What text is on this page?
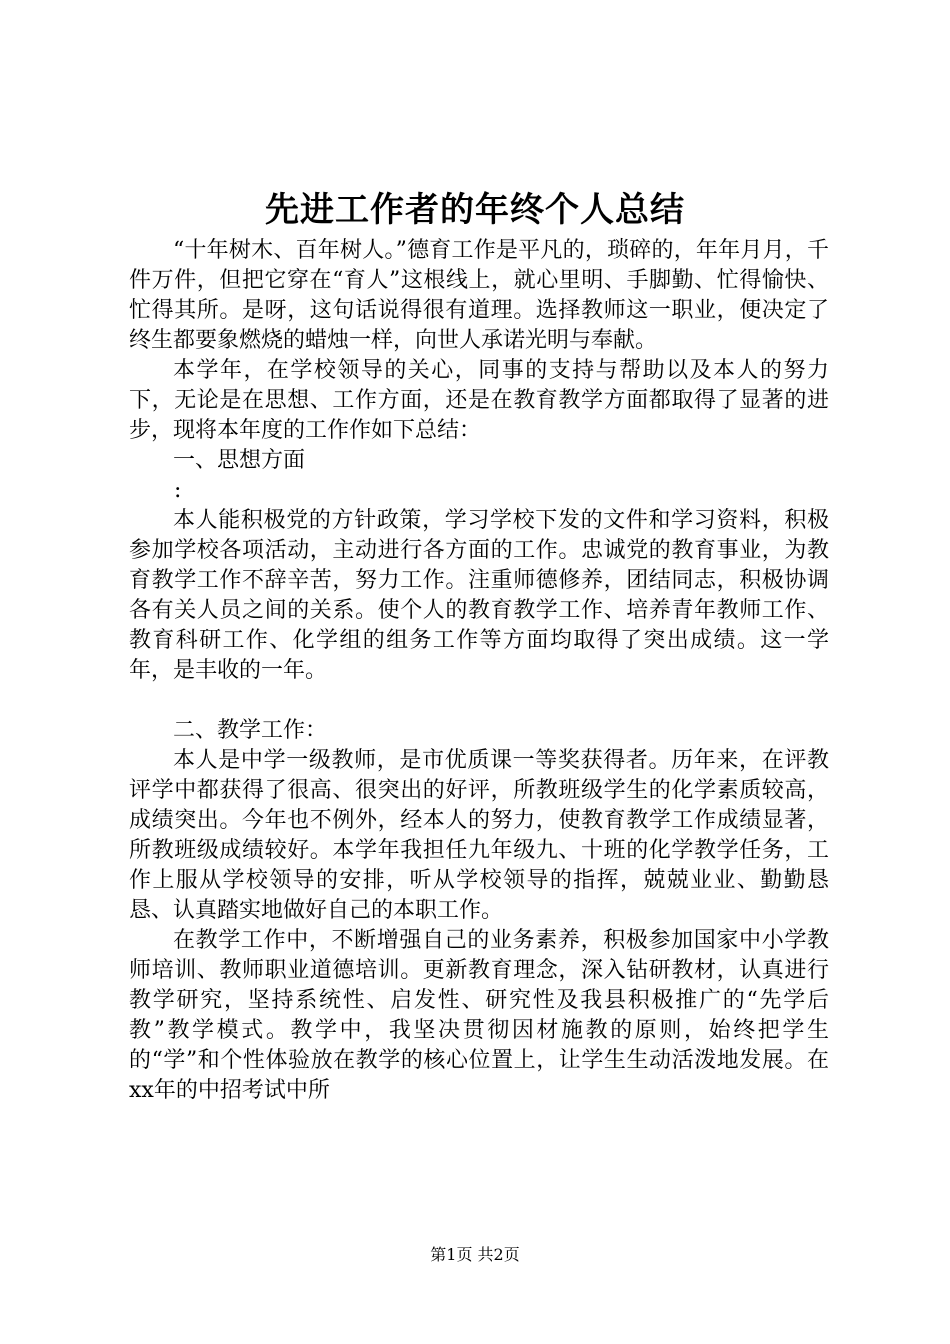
先进工作者的年终个人总结

“十年树木、百年树人。”德育工作是平凡的，琐碎的，年年月月，千件万件，但把它穿在“育人”这根线上，就心里明、手脚勤、忙得愉快、忙得其所。是呀，这句话说得很有道理。选择教师这一职业，便决定了终生都要象燃烧的蜡烛一样，向世人承诺光明与奉献。

本学年，在学校领导的关心，同事的支持与帮助以及本人的努力下，无论是在思想、工作方面，还是在教育教学方面都取得了显著的进步，现将本年度的工作作如下总结：

一、思想方面

:

本人能积极党的方针政策，学习学校下发的文件和学习资料，积极参加学校各项活动，主动进行各方面的工作。忠诚党的教育事业，为教育教学工作不辞辛苦，努力工作。注重师德修养，团结同志，积极协调各有关人员之间的关系。使个人的教育教学工作、培养青年教师工作、教育科研工作、化学组的组务工作等方面均取得了突出成绩。这一学年，是丰收的一年。

二、教学工作：

本人是中学一级教师，是市优质课一等奖获得者。历年来，在评教评学中都获得了很高、很突出的好评，所教班级学生的化学素质较高，成绩突出。今年也不例外，经本人的努力，使教育教学工作成绩显著，所教班级成绩较好。本学年我担任九年级九、十班的化学教学任务，工作上服从学校领导的安排，听从学校领导的指挥，兢兢业业、勤勤恳恳、认真踏实地做好自己的本职工作。

在教学工作中，不断增强自己的业务素养，积极参加国家中小学教师培训、教师职业道德培训。更新教育理念，深入钻研教材，认真进行教学研究，坚持系统性、启发性、研究性及我县积极推广的“先学后教”教学模式。教学中，我坚决贯彻因材施教的原则，始终把学生的“学”和个性体验放在教学的核心位置上，让学生生动活泼地发展。在xx年的中招考试中所

第1页 共2页
